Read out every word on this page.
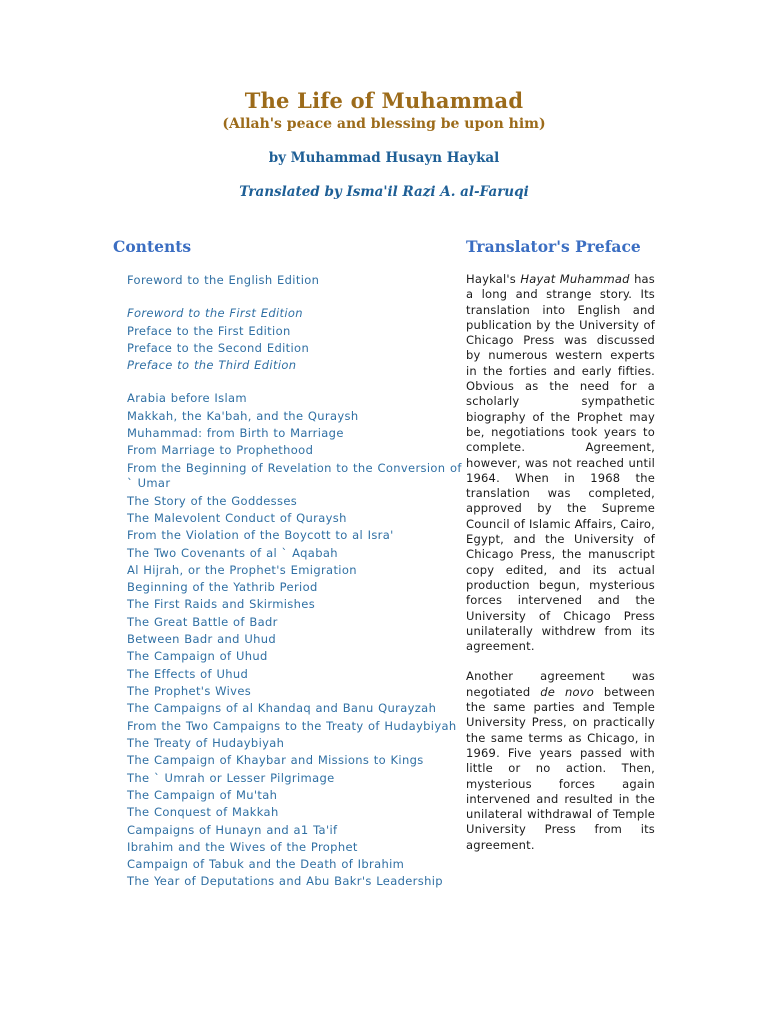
The Life of Muhammad
(Allah's peace and blessing be upon him)
by Muhammad Husayn Haykal
Translated by Isma'il Razi A. al-Faruqi
Contents	Translator's Preface
Foreword to the English Edition
Foreword to the First Edition
Preface to the First Edition
Preface to the Second Edition
Preface to the Third Edition
Arabia before Islam
Makkah, the Ka'bah, and the Quraysh
Muhammad: from Birth to Marriage
From Marriage to Prophethood
From the Beginning of Revelation to the Conversion of ` Umar
The Story of the Goddesses
The Malevolent Conduct of Quraysh
From the Violation of the Boycott to al Isra'
The Two Covenants of al ` Aqabah
Al Hijrah, or the Prophet's Emigration
Beginning of the Yathrib Period
The First Raids and Skirmishes
The Great Battle of Badr
Between Badr and Uhud
The Campaign of Uhud
The Effects of Uhud
The Prophet's Wives
The Campaigns of al Khandaq and Banu Qurayzah
From the Two Campaigns to the Treaty of Hudaybiyah
The Treaty of Hudaybiyah
The Campaign of Khaybar and Missions to Kings
The ` Umrah or Lesser Pilgrimage
The Campaign of Mu'tah
The Conquest of Makkah
Campaigns of Hunayn and a1 Ta'if
Ibrahim and the Wives of the Prophet
Campaign of Tabuk and the Death of Ibrahim
The Year of Deputations and Abu Bakr's Leadership

Haykal's Hayat Muhammad has a long and strange story. Its translation into English and publication by the University of Chicago Press was discussed by numerous western experts in the forties and early fifties. Obvious as the need for a scholarly sympathetic biography of the Prophet may be, negotiations took years to complete. Agreement, however, was not reached until 1964. When in 1968 the translation was completed, approved by the Supreme Council of Islamic Affairs, Cairo, Egypt, and the University of Chicago Press, the manuscript copy edited, and its actual production begun, mysterious forces intervened and the University of Chicago Press unilaterally withdrew from its agreement.

Another agreement was negotiated de novo between the same parties and Temple University Press, on practically the same terms as Chicago, in 1969. Five years passed with little or no action. Then, mysterious forces again intervened and resulted in the unilateral withdrawal of Temple University Press from its agreement.
